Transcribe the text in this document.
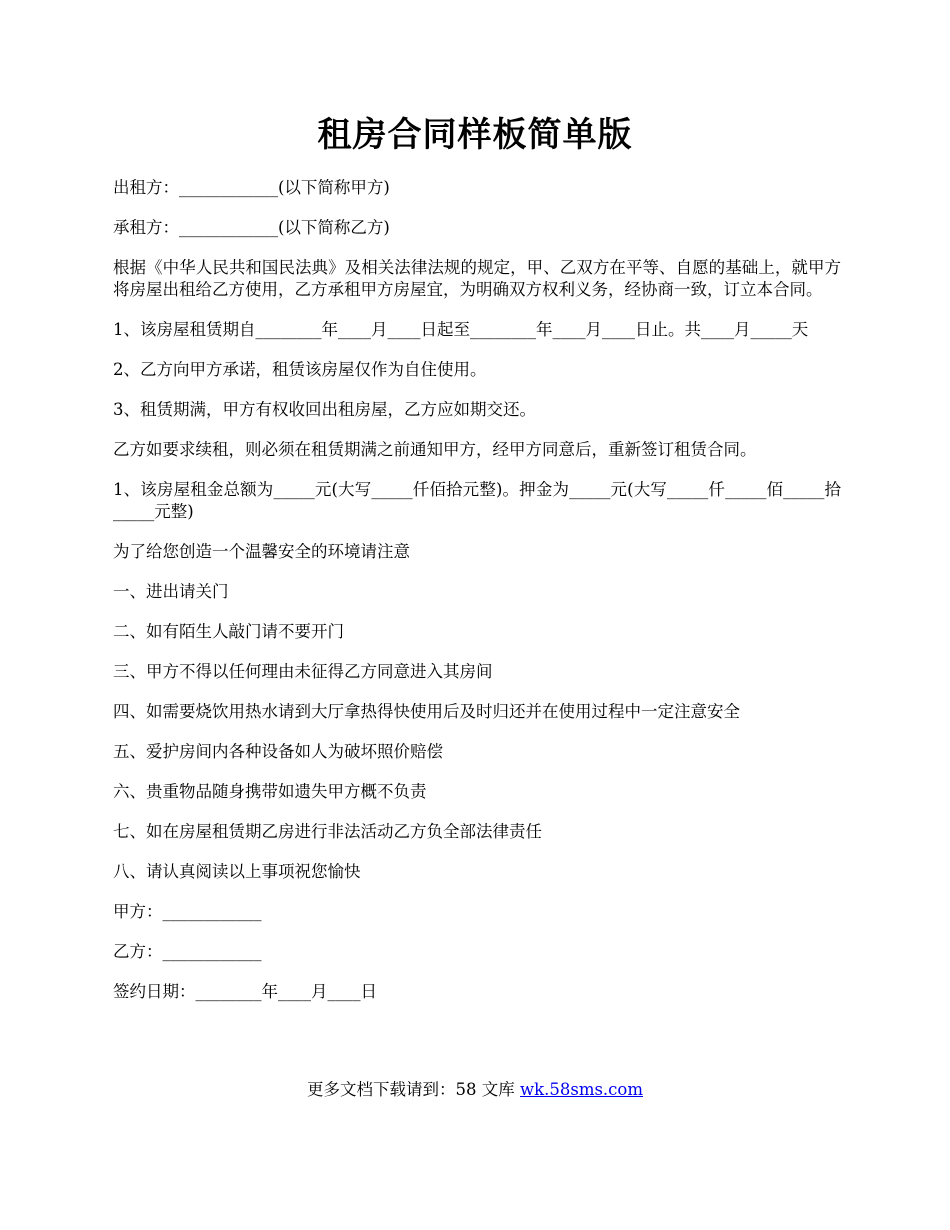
租房合同样板简单版

出租方：____________(以下简称甲方)

承租方：____________(以下简称乙方)

根据《中华人民共和国民法典》及相关法律法规的规定，甲、乙双方在平等、自愿的基础上，就甲方将房屋出租给乙方使用，乙方承租甲方房屋宜，为明确双方权利义务，经协商一致，订立本合同。

1、该房屋租赁期自________年____月____日起至________年____月____日止。共____月_____天

2、乙方向甲方承诺，租赁该房屋仅作为自住使用。

3、租赁期满，甲方有权收回出租房屋，乙方应如期交还。

乙方如要求续租，则必须在租赁期满之前通知甲方，经甲方同意后，重新签订租赁合同。

1、该房屋租金总额为_____元(大写_____仟佰拾元整)。押金为_____元(大写_____仟_____佰_____拾_____元整)

为了给您创造一个温馨安全的环境请注意

一、进出请关门

二、如有陌生人敲门请不要开门

三、甲方不得以任何理由未征得乙方同意进入其房间

四、如需要烧饮用热水请到大厅拿热得快使用后及时归还并在使用过程中一定注意安全

五、爱护房间内各种设备如人为破坏照价赔偿

六、贵重物品随身携带如遗失甲方概不负责

七、如在房屋租赁期乙房进行非法活动乙方负全部法律责任

八、请认真阅读以上事项祝您愉快

甲方：____________

乙方：____________

签约日期：________年____月____日

更多文档下载请到：58 文库 wk.58sms.com
